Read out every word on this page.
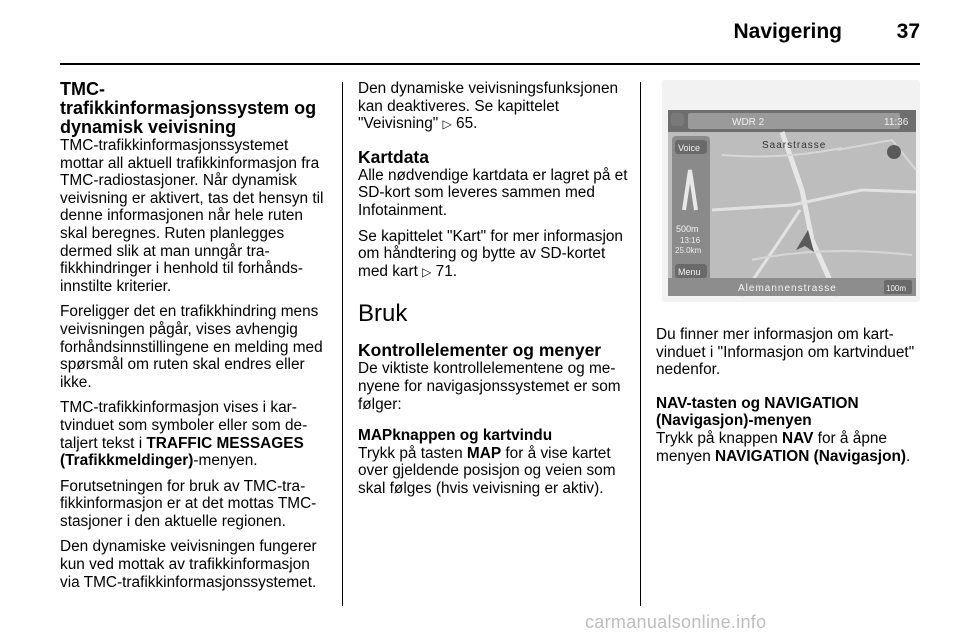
Navigering	37
TMC-trafikkinformasjonssystem og dynamisk veivisning

TMC-trafikkinformasjonssystemet mottar all aktuell trafikkinformasjon fra TMC-radiostasjoner. Når dynamisk veivisning er aktivert, tas det hensyn til denne informasjonen når hele ruten skal beregnes. Ruten planlegges dermed slik at man unngår trafikkhindringer i henhold til forhåndsinnstilte kriterier.

Foreligger det en trafikkhindring mens veivisningen pågår, vises avhengig forhåndsinnstillingene en melding med spørsmål om ruten skal endres eller ikke.

TMC-trafikkinformasjon vises i kartvinduet som symboler eller som detaljert tekst i TRAFFIC MESSAGES (Trafikkmeldinger)-menyen.

Forutsetningen for bruk av TMC-trafikkinformasjon er at det mottas TMC-stasjoner i den aktuelle regionen.

Den dynamiske veivisningen fungerer kun ved mottak av trafikkinformasjon via TMC-trafikkinformasjonssystemet.

Den dynamiske veivisningsfunksjonen kan deaktiveres. Se kapittelet "Veivisning" ▷ 65.

Kartdata

Alle nødvendige kartdata er lagret på et SD-kort som leveres sammen med Infotainment.

Se kapittelet "Kart" for mer informasjon om håndtering og bytte av SD-kortet med kart ▷ 71.

Bruk
Kontrollelementer og menyer

De viktiste kontrollelementene og menyene for navigasjonssystemet er som følger:

MAPknappen og kartvindu

Trykk på tasten MAP for å vise kartet over gjeldende posisjon og veien som skal følges (hvis veivisning er aktiv).

WDR 2	11:36
Saarstrasse
Voice
500m
13:16
25.0km
Menu
Alemannenstrasse	100m

Du finner mer informasjon om kartvinduet i "Informasjon om kartvinduet" nedenfor.

NAV-tasten og NAVIGATION (Navigasjon)-menyen

Trykk på knappen NAV for å åpne menyen NAVIGATION (Navigasjon).

carmanualsonline.info
